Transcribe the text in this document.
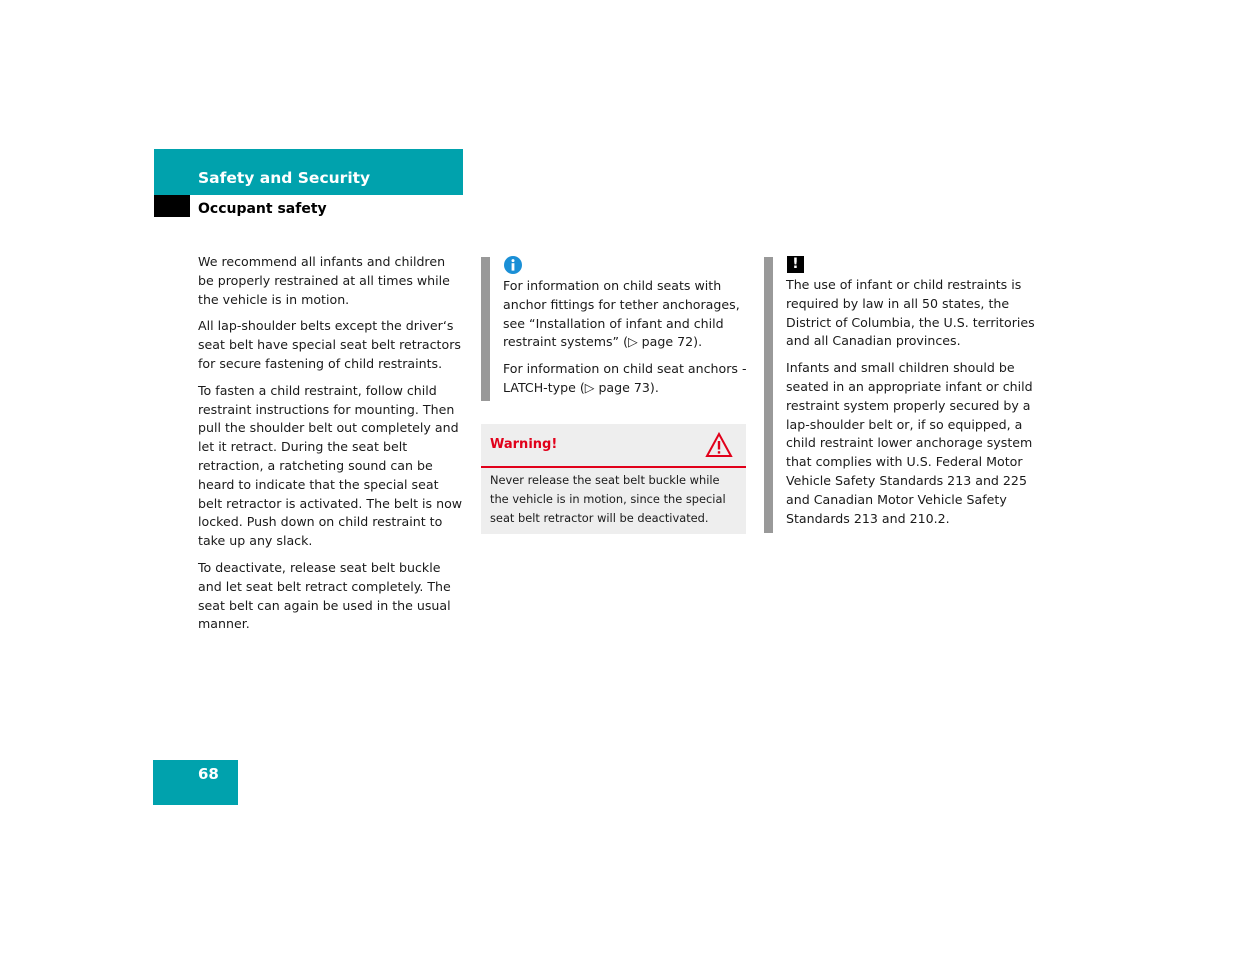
Safety and Security
Occupant safety

We recommend all infants and children be properly restrained at all times while the vehicle is in motion.

All lap-shoulder belts except the driver‘s seat belt have special seat belt retractors for secure fastening of child restraints.

To fasten a child restraint, follow child restraint instructions for mounting. Then pull the shoulder belt out completely and let it retract. During the seat belt retraction, a ratcheting sound can be heard to indicate that the special seat belt retractor is activated. The belt is now locked. Push down on child restraint to take up any slack.

To deactivate, release seat belt buckle and let seat belt retract completely. The seat belt can again be used in the usual manner.

For information on child seats with anchor fittings for tether anchorages, see “Installation of infant and child restraint systems” (▷ page 72).

For information on child seat anchors - LATCH-type (▷ page 73).

Warning!
Never release the seat belt buckle while the vehicle is in motion, since the special seat belt retractor will be deactivated.
!

The use of infant or child restraints is required by law in all 50 states, the District of Columbia, the U.S. territories and all Canadian provinces.

Infants and small children should be seated in an appropriate infant or child restraint system properly secured by a lap-shoulder belt or, if so equipped, a child restraint lower anchorage system that complies with U.S. Federal Motor Vehicle Safety Standards 213 and 225 and Canadian Motor Vehicle Safety Standards 213 and 210.2.

68
